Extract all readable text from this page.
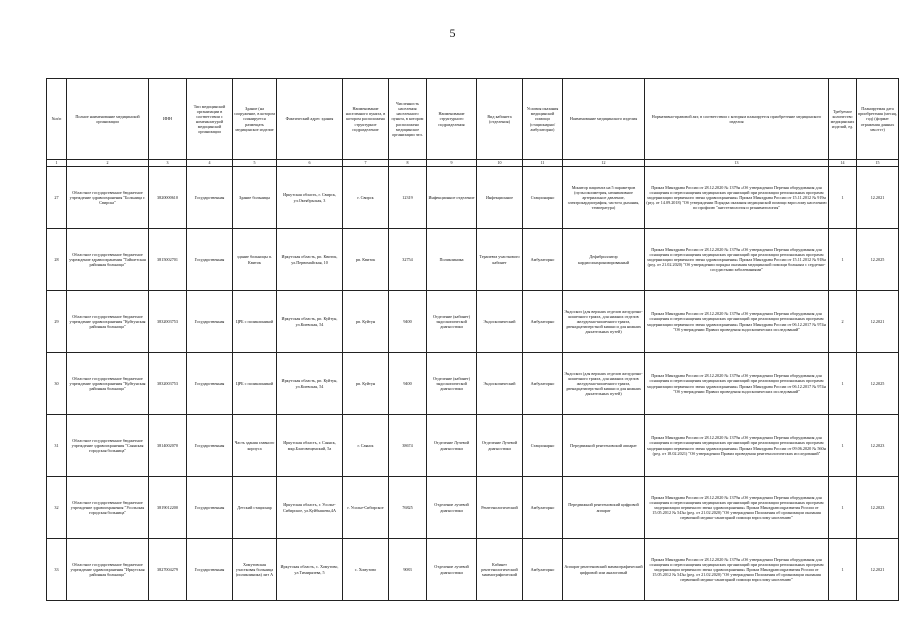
5
№п/п	Полное наименование медицинской организации	ИНН	Тип медицинской организации в соответствии с номенклатурой медицинской организации	Здание (на сооружение, в котором планируется размещать медицинское изделие	Фактический адрес здания	Наименование населенного пункта, в котором расположена структурное подразделение	Численность населения населенного пункта, в котором расположено медицинское организации чел.	Наименование структурного подразделения	Вид кабинета (отделения)	Условия оказания медицинской помощи (стационарно/амбулаторно)	Наименование медицинского изделия	Нормативно-правовой акт, в соответствии с которым планируется приобретение медицинского изделия	Требуемое количество медицинских изделий, ед.	Планируемая дата приобретения (месяц, год) (формат отражения данных мм.гггг)
1	2	3	4	5	6	7	8	9	10	11	12	13	14	15
27	Областное государственное бюджетное учреждение здравоохранения "Больница г. Свирска"	3820000610	Государственная	Здание больницы	Иркутская область, г. Свирск, ул.Октябрьская, 3	г. Свирск	12319	Инфекционное отделение	Инфекционное	Стационарно	Монитор пациента на 5 параметров (пульсоксиметрия, неинвазивное артериальное давление, электрокардиография, частота дыхания, температура)	Приказ Минздрава России от 28.12.2020 № 1379н «Об утверждении Перечня оборудования для оснащения и переоснащения медицинских организаций при реализации региональных программ модернизации первичного звена здравоохранения» Приказ Минздрава России от 15.11.2012 № 919н (ред. от 14.09.2018) "Об утверждении Порядка оказания медицинской помощи взрослому населению по профилю "анестезиология и реаниматология"	1	12.2021
28	Областное государственное бюджетное учреждение здравоохранения "Тайшетская районная больница"	3815002701	Государственная	здание больницы п. Квиток	Иркутская область, рп. Квиток, ул.Первомайская, 10	рп. Квиток	32754	Поликлиника	Терапевта участкового кабинет	Амбулаторно	Дефибриллятор кардиосинхронизированный	Приказ Минздрава России от 28.12.2020 № 1379н «Об утверждении Перечня оборудования для оснащения и переоснащения медицинских организаций при реализации региональных программ модернизации первичного звена здравоохранения» Приказ Минздрава России от 15.11.2012 № 918н (ред. от 21.02.2020) "Об утверждении порядка оказания медицинской помощи больным с сердечно-сосудистыми заболеваниями"	1	12.2025
29	Областное государственное бюджетное учреждение здравоохранения "Куйтунская районная больница"	3832003753	Государственная	ЦРБ с поликлиникой	Иркутская область, рп. Куйтун, ул.Киевская, 54	рп. Куйтун	9400	Отделение (кабинет) эндоскопической диагностики	Эндоскопический	Амбулаторно	Эндоскоп (для верхних отделов желудочно-кишечного тракта, для нижних отделов желудочно-кишечного тракта, двенадцатиперстной кишки и для нижних дыхательных путей)	Приказ Минздрава России от 28.12.2020 № 1379н «Об утверждении Перечня оборудования для оснащения и переоснащения медицинских организаций при реализации региональных программ модернизации первичного звена здравоохранения» Приказ Минздрава России от 06.12.2017 № 974н "Об утверждении Правил проведения эндоскопических исследований"	2	12.2021
30	Областное государственное бюджетное учреждение здравоохранения "Куйтунская районная больница"	3832003753	Государственная	ЦРБ с поликлиникой	Иркутская область, рп. Куйтун, ул.Киевская, 54	рп. Куйтун	9400	Отделение (кабинет) эндоскопической диагностики	Эндоскопический	Амбулаторно	Эндоскоп (для верхних отделов желудочно-кишечного тракта, для нижних отделов желудочно-кишечного тракта, двенадцатиперстной кишки и для нижних дыхательных путей)	Приказ Минздрава России от 28.12.2020 № 1379н «Об утверждении Перечня оборудования для оснащения и переоснащения медицинских организаций при реализации региональных программ модернизации первичного звена здравоохранения» Приказ Минздрава России от 06.12.2017 № 974н "Об утверждении Правил проведения эндоскопических исследований"	1	12.2025
31	Областное государственное бюджетное учреждение здравоохранения "Саянская городская больница"	3814002070	Государственная	Часть здания главного корпуса	Иркутская область, г. Саянск, мкр.Благовещенский, 5а	г. Саянск	38674	Отделение Лучевой диагностики	Отделение Лучевой диагностики	Стационарно	Передвижной рентгеновский аппарат	Приказ Минздрава России от 28.12.2020 № 1379н «Об утверждении Перечня оборудования для оснащения и переоснащения медицинских организаций при реализации региональных программ модернизации первичного звена здравоохранения» Приказ Минздрава России от 09.06.2020 № 560н (ред. от 18.02.2021) "Об утверждении Правил проведения рентгенологических исследований"	1	12.2023
32	Областное государственное бюджетное учреждение здравоохранения "Усольская городская больница"	3819012200	Государственная	Детский стационар	Иркутская область, г. Усолье-Сибирское, ул.Куйбышева,4А	г. Усолье-Сибирское	76825	Отделение лучевой диагностики	Рентгенологический	Амбулаторно	Передвижной рентгеновский цифровой аппарат	Приказ Минздрава России от 28.12.2020 № 1379н «Об утверждении Перечня оборудования для оснащения и переоснащения медицинских организаций при реализации региональных программ модернизации первичного звена здравоохранения» Приказ Минздравсоцразвития России от 15.05.2012 № 543н (ред. от 21.02.2020) "Об утверждении Положения об организации оказания первичной медико-санитарной помощи взрослому населению"	1	12.2023
33	Областное государственное бюджетное учреждение здравоохранения "Иркутская районная больница"	3827004279	Государственная	Хомутовская участковая больница (поликлиника) лит А	Иркутская область, с. Хомутово, ул.Тимирязева, 5	с. Хомутово	9083	Отделение лучевой диагностики	Кабинет рентгенологический маммографический	Амбулаторно	Аппарат рентгеновский маммографический цифровой или аналоговый	Приказ Минздрава России от 28.12.2020 № 1379н «Об утверждении Перечня оборудования для оснащения и переоснащения медицинских организаций при реализации региональных программ модернизации первичного звена здравоохранения» Приказ Минздравсоцразвития России от 15.05.2012 № 543н (ред. от 21.02.2020) "Об утверждении Положения об организации оказания первичной медико-санитарной помощи взрослому населению"	1	12.2021
